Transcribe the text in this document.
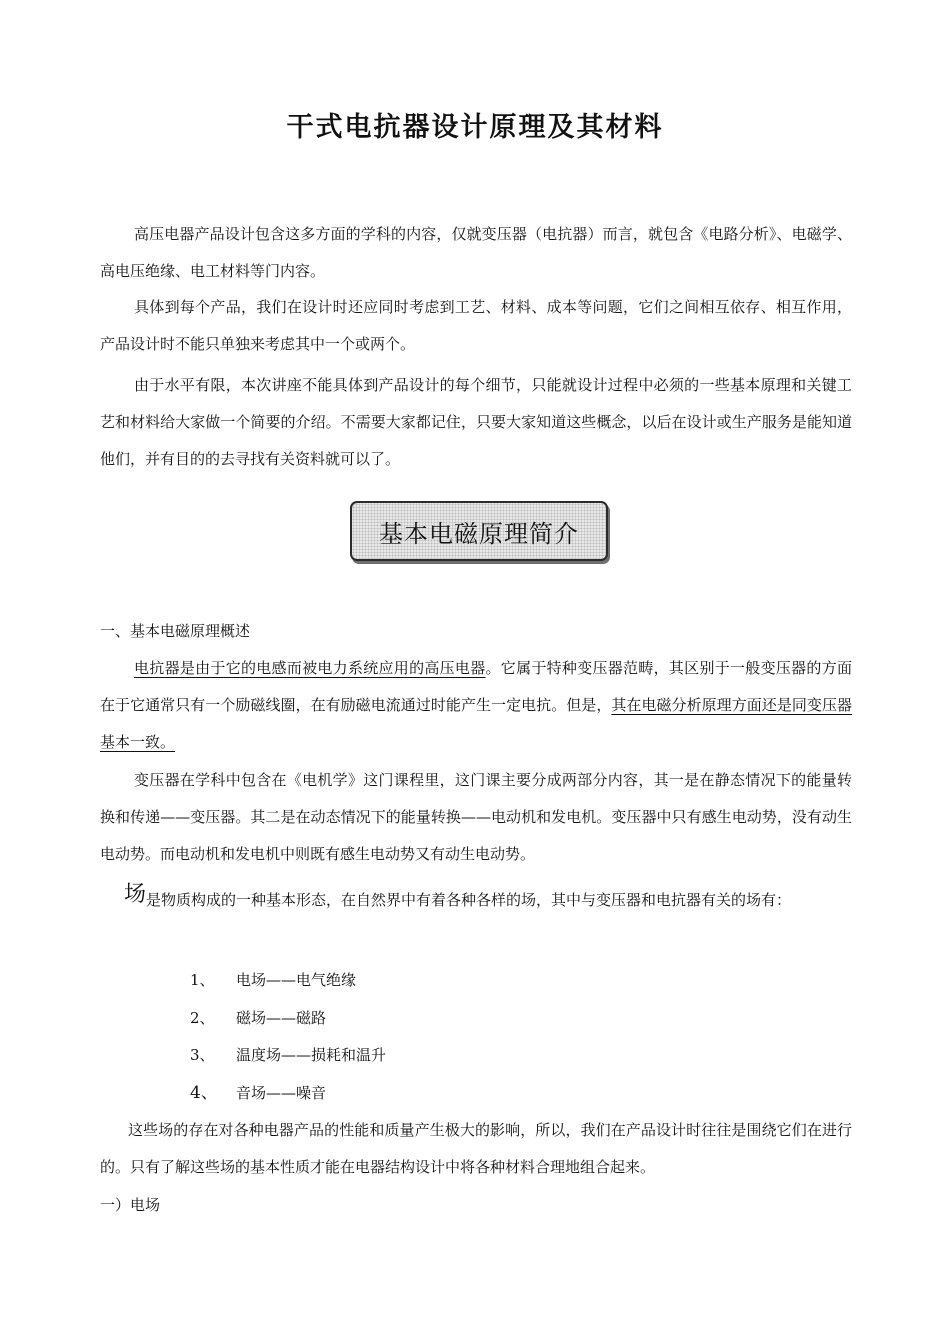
干式电抗器设计原理及其材料

高压电器产品设计包含这多方面的学科的内容，仅就变压器（电抗器）而言，就包含《电路分析》、电磁学、高电压绝缘、电工材料等门内容。

具体到每个产品，我们在设计时还应同时考虑到工艺、材料、成本等问题，它们之间相互依存、相互作用，产品设计时不能只单独来考虑其中一个或两个。

由于水平有限，本次讲座不能具体到产品设计的每个细节，只能就设计过程中必须的一些基本原理和关键工艺和材料给大家做一个简要的介绍。不需要大家都记住，只要大家知道这些概念，以后在设计或生产服务是能知道他们，并有目的的去寻找有关资料就可以了。

基本电磁原理简介
一、基本电磁原理概述

电抗器是由于它的电感而被电力系统应用的高压电器。它属于特种变压器范畴，其区别于一般变压器的方面在于它通常只有一个励磁线圈，在有励磁电流通过时能产生一定电抗。但是，其在电磁分析原理方面还是同变压器基本一致。

变压器在学科中包含在《电机学》这门课程里，这门课主要分成两部分内容，其一是在静态情况下的能量转换和传递——变压器。其二是在动态情况下的能量转换——电动机和发电机。变压器中只有感生电动势，没有动生电动势。而电动机和发电机中则既有感生电动势又有动生电动势。

场是物质构成的一种基本形态，在自然界中有着各种各样的场，其中与变压器和电抗器有关的场有：

1、	电场——电气绝缘
2、	磁场——磁路
3、	温度场——损耗和温升
4、	音场——噪音

这些场的存在对各种电器产品的性能和质量产生极大的影响，所以，我们在产品设计时往往是围绕它们在进行的。只有了解这些场的基本性质才能在电器结构设计中将各种材料合理地组合起来。

一）电场
